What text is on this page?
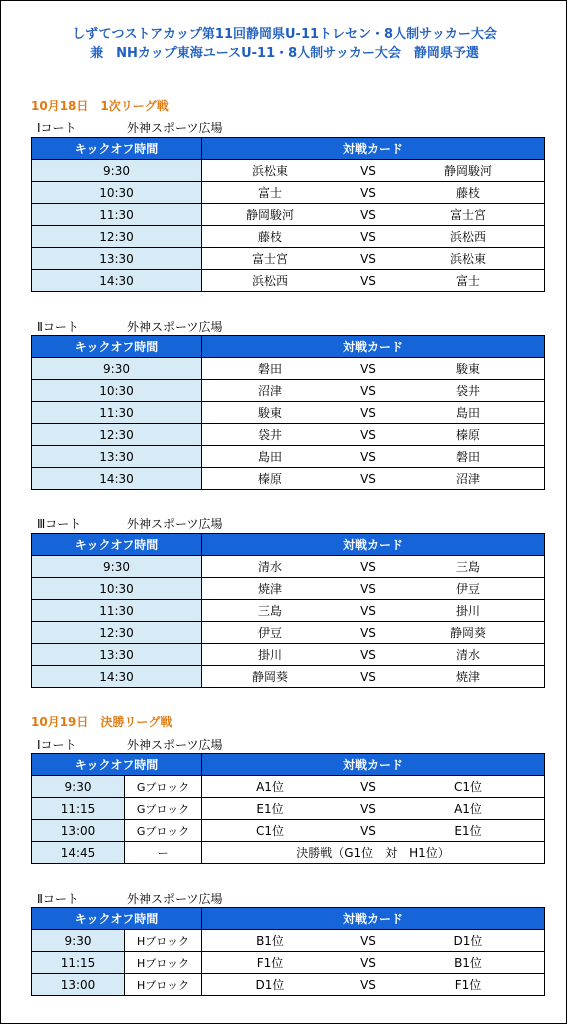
しずてつストアカップ第11回静岡県U-11トレセン・8人制サッカー大会
兼　NHカップ東海ユースU-11・8人制サッカー大会　静岡県予選
10月18日　1次リーグ戦
Ⅰコート	外神スポーツ広場
キックオフ時間	対戦カード
9:30	浜松東 VS 静岡駿河

10:30	富士 VS 藤枝

11:30	静岡駿河 VS 富士宮

12:30	藤枝 VS 浜松西

13:30	富士宮 VS 浜松東

14:30	浜松西 VS 富士
Ⅱコート	外神スポーツ広場
キックオフ時間	対戦カード
9:30	磐田 VS 駿東

10:30	沼津 VS 袋井

11:30	駿東 VS 島田

12:30	袋井 VS 榛原

13:30	島田 VS 磐田

14:30	榛原 VS 沼津
Ⅲコート	外神スポーツ広場
キックオフ時間	対戦カード
9:30	清水 VS 三島

10:30	焼津 VS 伊豆

11:30	三島 VS 掛川

12:30	伊豆 VS 静岡葵

13:30	掛川 VS 清水

14:30	静岡葵 VS 焼津
10月19日　決勝リーグ戦
Ⅰコート	外神スポーツ広場
キックオフ時間		対戦カード
9:30	Gブロック	A1位 VS C1位

11:15	Gブロック	E1位 VS A1位

13:00	Gブロック	C1位 VS E1位

14:45	ー	決勝戦（G1位　対　H1位）
Ⅱコート	外神スポーツ広場
キックオフ時間		対戦カード
9:30	Hブロック	B1位 VS D1位

11:15	Hブロック	F1位 VS B1位

13:00	Hブロック	D1位 VS F1位
